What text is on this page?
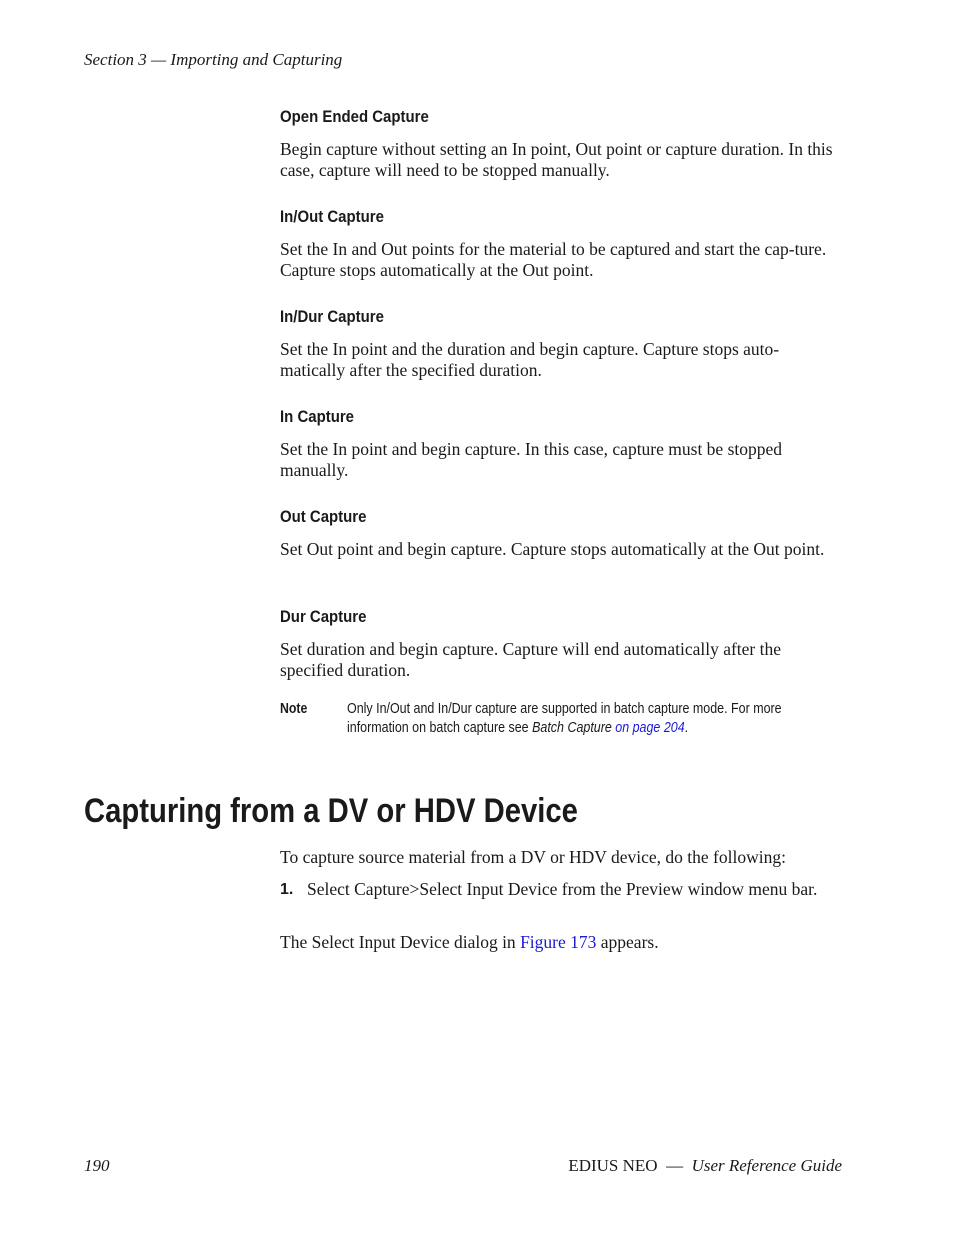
Section 3 — Importing and Capturing
Open Ended Capture

Begin capture without setting an In point, Out point or capture duration. In this case, capture will need to be stopped manually.

In/Out Capture

Set the In and Out points for the material to be captured and start the cap-ture. Capture stops automatically at the Out point.

In/Dur Capture

Set the In point and the duration and begin capture. Capture stops auto-matically after the specified duration.

In Capture

Set the In point and begin capture. In this case, capture must be stopped manually.

Out Capture

Set Out point and begin capture. Capture stops automatically at the Out point.

Dur Capture

Set duration and begin capture. Capture will end automatically after the specified duration.

Note	Only In/Out and In/Dur capture are supported in batch capture mode. For more information on batch capture see Batch Capture on page 204.
Capturing from a DV or HDV Device
To capture source material from a DV or HDV device, do the following:
1. Select Capture>Select Input Device from the Preview window menu bar.
The Select Input Device dialog in Figure 173 appears.
190	EDIUS NEO — User Reference Guide
